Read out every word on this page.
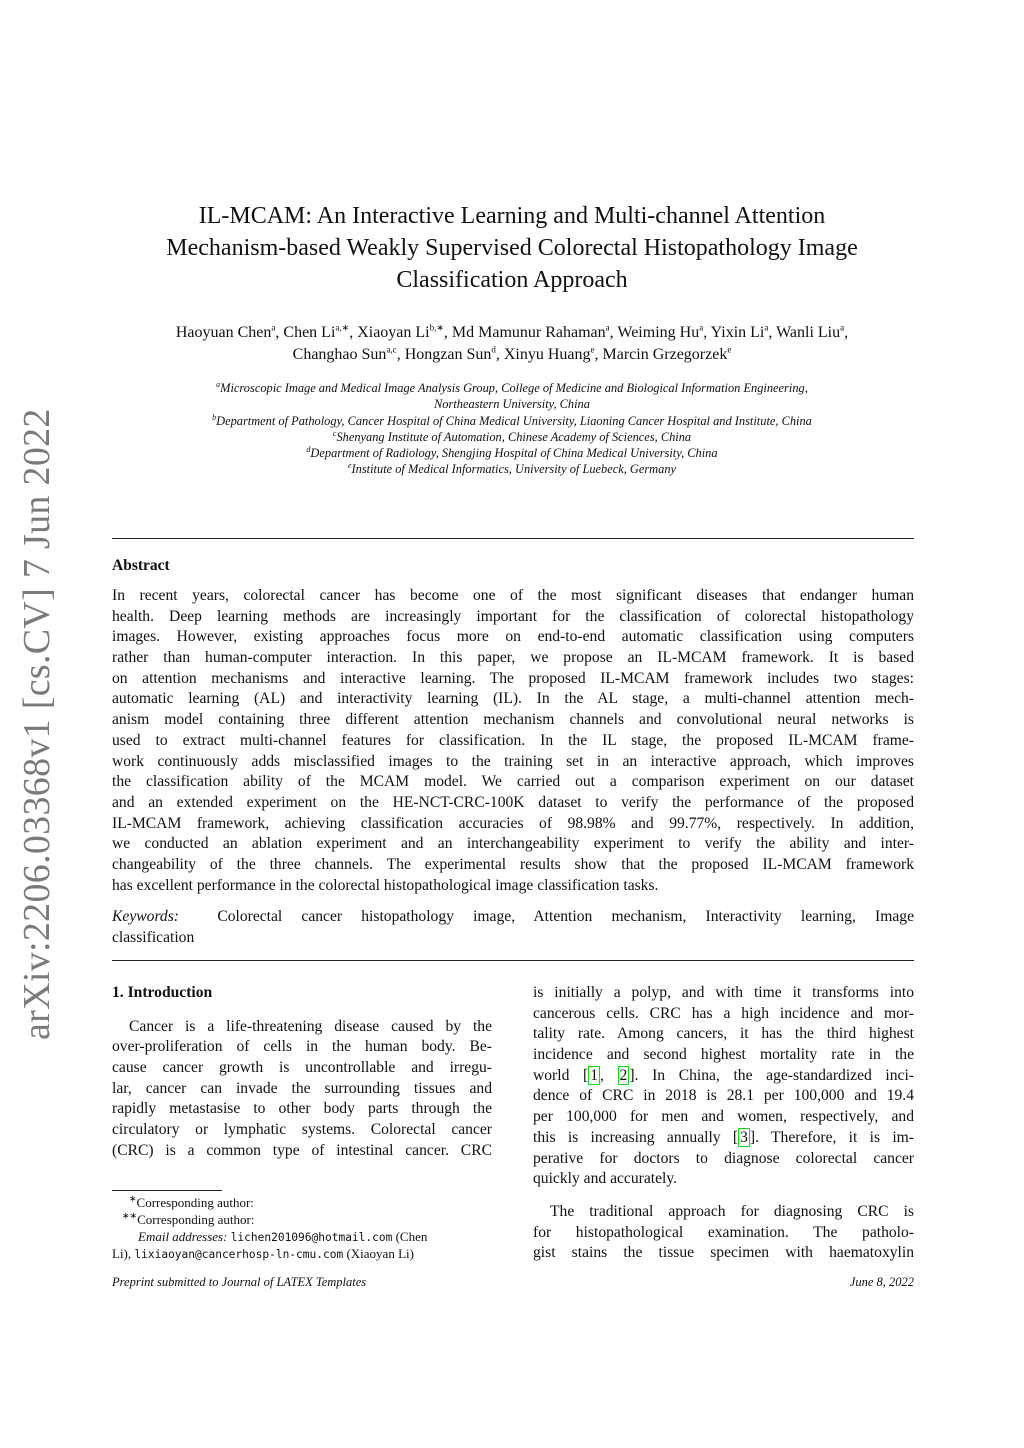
arXiv:2206.03368v1 [cs.CV] 7 Jun 2022
IL-MCAM: An Interactive Learning and Multi-channel Attention
Mechanism-based Weakly Supervised Colorectal Histopathology Image
Classification Approach
Haoyuan Chen$^a$, Chen $Li^{a,∗}$, Xiaoyan $Li^{b,∗}$, Md Mamunur Rahaman$^a$, Weiming Hu$^a$, Yixin Li$^a$, Wanli Liu$^a$,
Changhao Sun$^{a,c}$, Hongzan Sun$^d$, Xinyu Huang$^e$, Marcin Grzegorzek$^e$
$^a$Microscopic Image and Medical Image Analysis Group, College of Medicine and Biological Information Engineering,
Northeastern University, China
$^b$Department of Pathology, Cancer Hospital of China Medical University, Liaoning Cancer Hospital and Institute, China
$^c$Shenyang Institute of Automation, Chinese Academy of Sciences, China
$^d$Department of Radiology, Shengjing Hospital of China Medical University, China
$^e$Institute of Medical Informatics, University of Luebeck, Germany
Abstract
In recent years, colorectal cancer has become one of the most significant diseases that endanger human
health. Deep learning methods are increasingly important for the classification of colorectal histopathology
images. However, existing approaches focus more on end-to-end automatic classification using computers
rather than human-computer interaction. In this paper, we propose an IL-MCAM framework. It is based
on attention mechanisms and interactive learning. The proposed IL-MCAM framework includes two stages:
automatic learning (AL) and interactivity learning (IL). In the AL stage, a multi-channel attention mech-
anism model containing three different attention mechanism channels and convolutional neural networks is
used to extract multi-channel features for classification. In the IL stage, the proposed IL-MCAM frame-
work continuously adds misclassified images to the training set in an interactive approach, which improves
the classification ability of the MCAM model. We carried out a comparison experiment on our dataset
and an extended experiment on the HE-NCT-CRC-100K dataset to verify the performance of the proposed
IL-MCAM framework, achieving classification accuracies of 98.98% and 99.77%, respectively. In addition,
we conducted an ablation experiment and an interchangeability experiment to verify the ability and inter-
changeability of the three channels. The experimental results show that the proposed IL-MCAM framework
has excellent performance in the colorectal histopathological image classification tasks.
Keywords: Colorectal cancer histopathology image, Attention mechanism, Interactivity learning, Image
classification
1. Introduction
Cancer is a life-threatening disease caused by the
over-proliferation of cells in the human body. Be-
cause cancer growth is uncontrollable and irregu-
lar, cancer can invade the surrounding tissues and
rapidly metastasise to other body parts through the
circulatory or lymphatic systems. Colorectal cancer
(CRC) is a common type of intestinal cancer. CRC
is initially a polyp, and with time it transforms into
cancerous cells. CRC has a high incidence and mor-
tality rate. Among cancers, it has the third highest
incidence and second highest mortality rate in the
world [ 1 , 2 ]. In China, the age-standardized inci-
dence of CRC in 2018 is 28.1 per 100,000 and 19.4
per 100,000 for men and women, respectively, and
this is increasing annually [ 3 ]. Therefore, it is im-
perative for doctors to diagnose colorectal cancer
quickly and accurately.
The traditional approach for diagnosing CRC is
for histopathological examination. The patholo-
gist stains the tissue specimen with haematoxylin
∗Corresponding author:
∗∗Corresponding author:
Email addresses: lichen201096@hotmail.com (Chen
Li), lixiaoyan@cancerhosp-ln-cmu.com (Xiaoyan Li)
Preprint submitted to Journal of LATEX Templates	June 8, 2022
